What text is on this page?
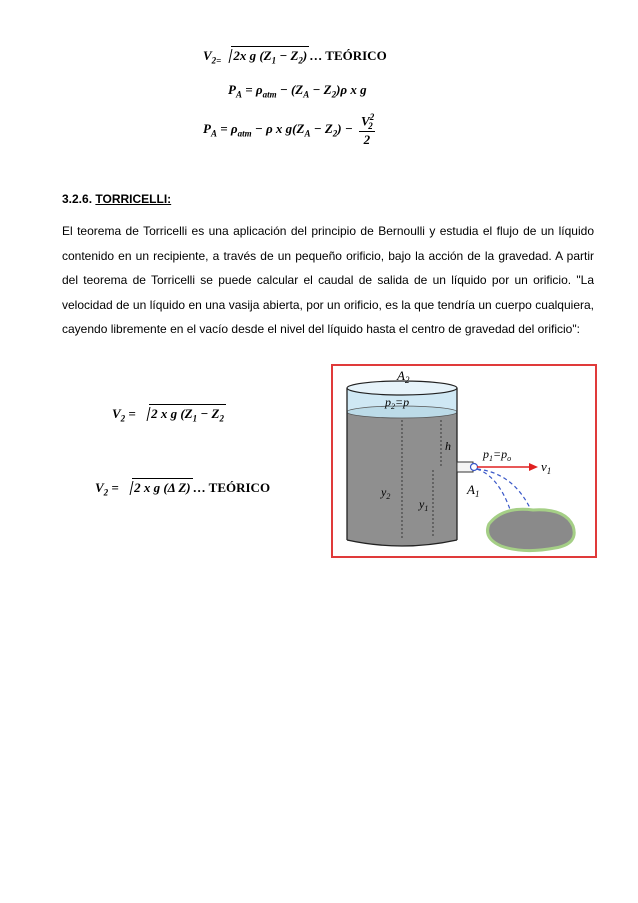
$V_{2=}$ 2x g $(Z_1 - Z_2)$ … TEÓRICO
$P_A = \rho_{atm} - (Z_A - Z_2)\rho$ x g
$P_A = \rho_{atm} - \rho$ x $g(Z_A - Z_2) - \frac{V^2_2}{2}$
3.2.6. TORRICELLI:
El teorema de Torricelli es una aplicación del principio de Bernoulli y estudia el flujo de un líquido contenido en un recipiente, a través de un pequeño orificio, bajo la acción de la gravedad. A partir del teorema de Torricelli se puede calcular el caudal de salida de un líquido por un orificio. "La velocidad de un líquido en una vasija abierta, por un orificio, es la que tendría un cuerpo cualquiera, cayendo libremente en el vacío desde el nivel del líquido hasta el centro de gravedad del orificio":
$V_2 = 2$ x g ($Z_1 - Z_2$
$V_2 = 2$ x g (Δ Z) … TEÓRICO
$A_2$
$p_2=p$
h
$p_1=p_o$
$v_1$
$y_2$
$y_1$
$A_1$
